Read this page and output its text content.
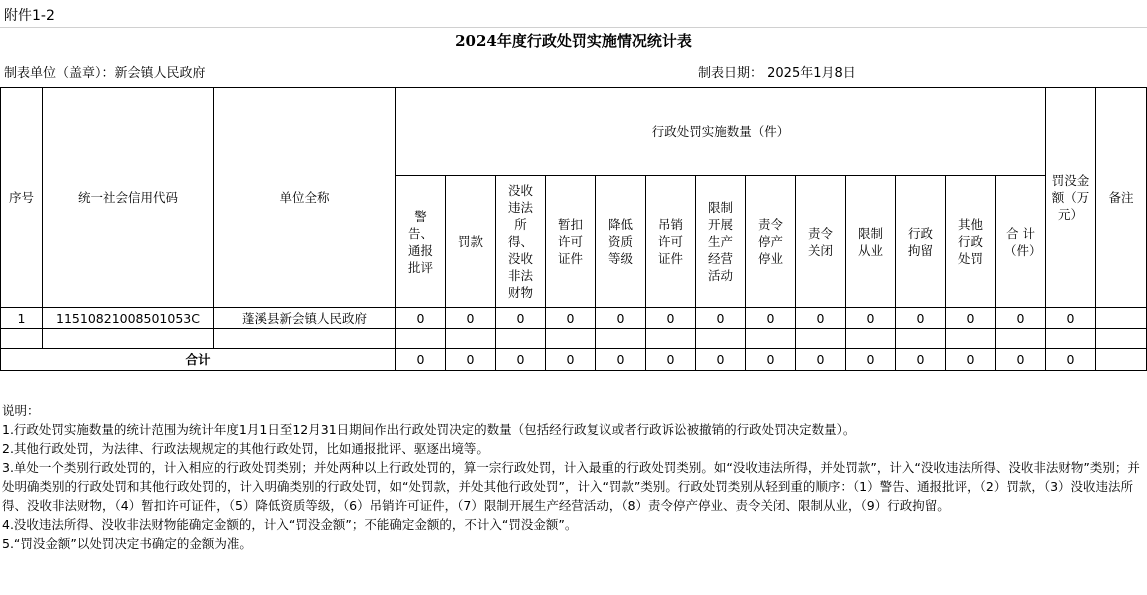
附件1-2
2024年度行政处罚实施情况统计表
制表单位（盖章）：新会镇人民政府	制表日期： 2025年1月8日
序号	统一社会信用代码	单位全称	行政处罚实施数量（件）													罚没金额（万元）	备注
			警告、通报批评	罚款	没收违法所得、没收非法财物	暂扣许可证件	降低资质等级	吊销许可证件	限制开展生产经营活动	责令停产停业	责令关闭	限制从业	行政拘留	其他行政处罚	合 计（件）		
1	11510821008501053C	蓬溪县新会镇人民政府	0	0	0	0	0	0	0	0	0	0	0	0	0	0	

合计			0	0	0	0	0	0	0	0	0	0	0	0	0	0	
说明：
1.行政处罚实施数量的统计范围为统计年度1月1日至12月31日期间作出行政处罚决定的数量（包括经行政复议或者行政诉讼被撤销的行政处罚决定数量）。
2.其他行政处罚，为法律、行政法规规定的其他行政处罚，比如通报批评、驱逐出境等。
3.单处一个类别行政处罚的，计入相应的行政处罚类别；并处两种以上行政处罚的，算一宗行政处罚，计入最重的行政处罚类别。如“没收违法所得，并处罚款”，计入“没收违法所得、没收非法财物”类别；并处明确类别的行政处罚和其他行政处罚的，计入明确类别的行政处罚，如“处罚款，并处其他行政处罚”，计入“罚款”类别。行政处罚类别从轻到重的顺序：（1）警告、通报批评，（2）罚款，（3）没收违法所得、没收非法财物，（4）暂扣许可证件，（5）降低资质等级，（6）吊销许可证件，（7）限制开展生产经营活动，（8）责令停产停业、责令关闭、限制从业，（9）行政拘留。
4.没收违法所得、没收非法财物能确定金额的，计入“罚没金额”；不能确定金额的，不计入“罚没金额”。
5.“罚没金额”以处罚决定书确定的金额为准。
